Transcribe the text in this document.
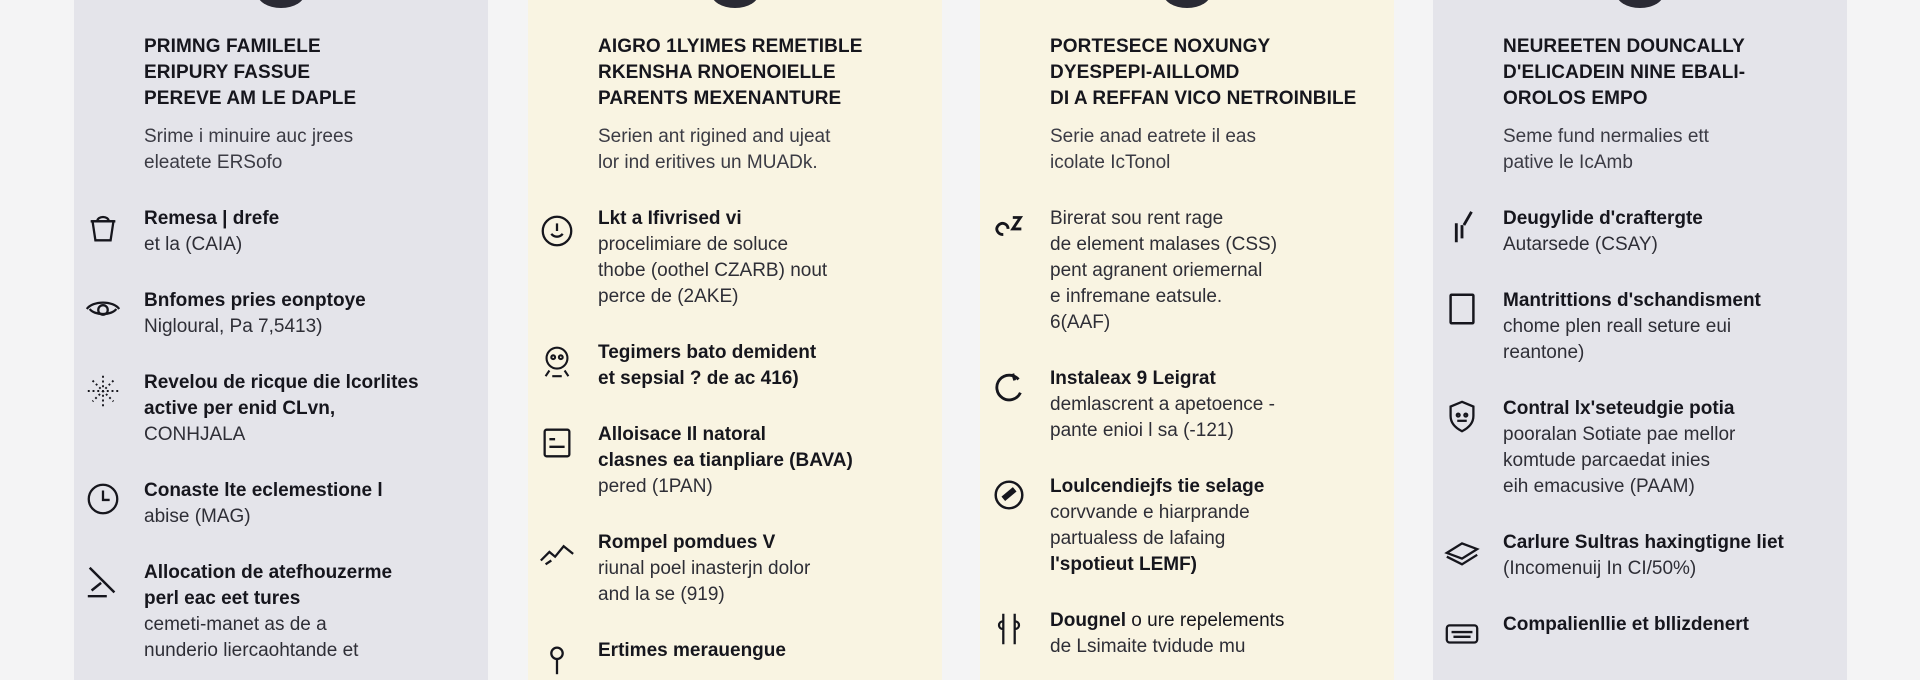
PRIMNG FAMILELE
ERIPURY FASSUE
PEREVE AM LE DAPLE
Srime i minuire auc jrees
eleatete ERSofo
Remesa | drefe
et la (CAIA)
Bnfomes pries eonptoye
Nigloural, Pa 7,5413)
Revelou de ricque die lcorlites
active per enid CLvn,
CONHJALA
Conaste lte eclemestione l
abise (MAG)
Allocation de atefhouzerme
perl eac eet tures
cemeti-manet as de a
nunderio liercaohtande et
AIGRO 1LYIMES REMETIBLE
RKENSHA RNOENOIELLE
PARENTS MEXENANTURE
Serien ant rigined and ujeat
lor ind eritives un MUADk.
Lkt a Ifivrised vi
procelimiare de soluce
thobe (oothel CZARB) nout
perce de (2AKE)
Tegimers bato demident
et sepsial ? de ac 416)
Alloisace Il natoral
clasnes ea tianpliare (BAVA)
pered (1PAN)
Rompel pomdues V
riunal poel inasterjn dolor
and la se (919)
Ertimes merauengue
PORTESECE NOXUNGY
DYESPEPI-AILLOMD
DI A REFFAN VICO NETROINBILE
Serie anad eatrete il eas
icolate IcTonol
Birerat sou rent rage
de element malases (CSS)
pent agranent oriemernal
e infremane eatsule.
6(AAF)
Instaleax 9 Leigrat
demlascrent a apetoence -
pante enioi l sa (-121)
Loulcendiejfs tie selage
corvvande e hiarprande
partualess de lafaing
l'spotieut LEMF)
Dougnel o ure repelements
de Lsimaite tvidude mu
NEUREETEN DOUNCALLY
D'ELICADEIN NINE EBALI-
OROLOS EMPO
Seme fund nermalies ett
pative le IcAmb
Deugylide d'craftergte
Autarsede (CSAY)
Mantrittions d'schandisment
chome plen reall seture eui
reantone)
Contral lx'seteudgie potia
pooralan Sotiate pae mellor
komtude parcaedat inies
eih emacusive (PAAM)
Carlure Sultras haxingtigne liet
(Incomenuij In CI/50%)
Compalienllie et bllizdenert
